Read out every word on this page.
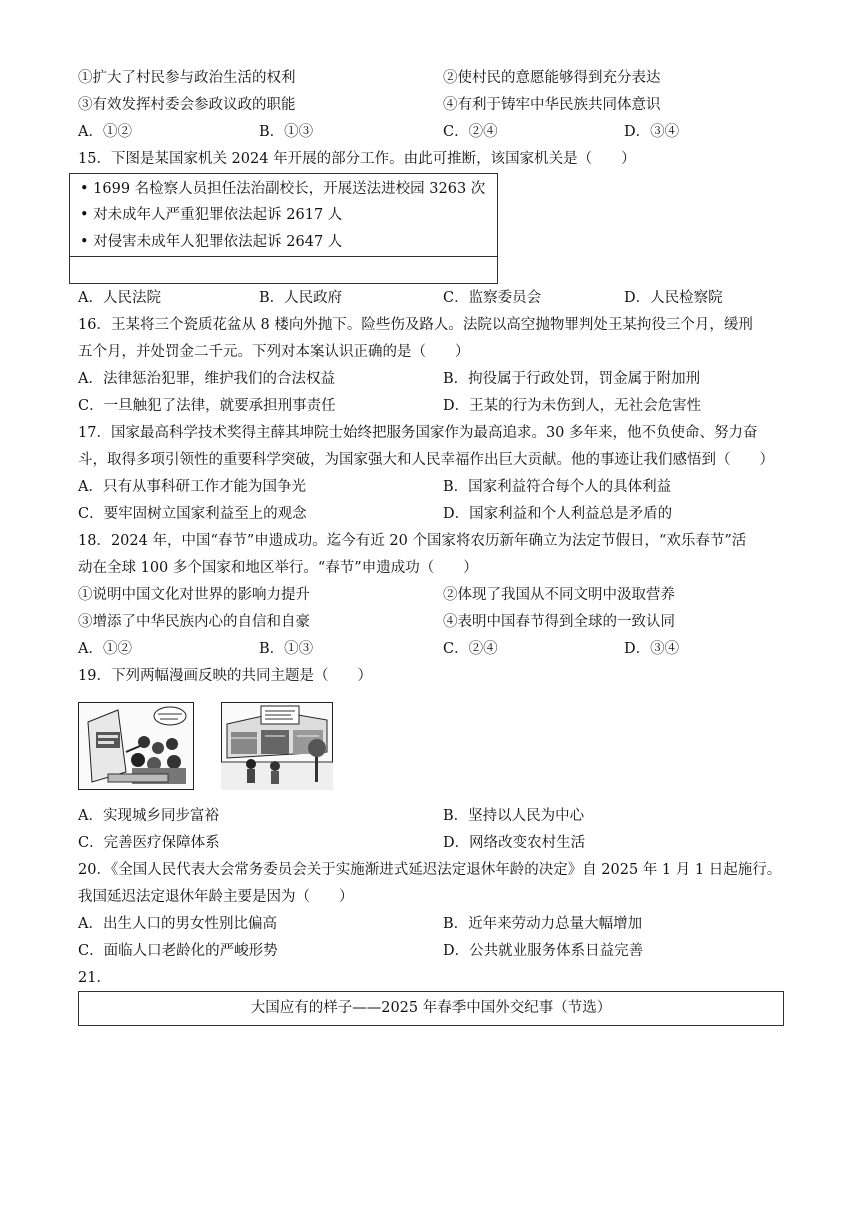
①扩大了村民参与政治生活的权利	②使村民的意愿能够得到充分表达
③有效发挥村委会参政议政的职能	④有利于铸牢中华民族共同体意识
A．①②	B．①③	C．②④	D．③④
15．下图是某国家机关 2024 年开展的部分工作。由此可推断，该国家机关是（　　）
• 1699 名检察人员担任法治副校长，开展送法进校园 3263 次
• 对未成年人严重犯罪依法起诉 2617 人
• 对侵害未成年人犯罪依法起诉 2647 人
A．人民法院	B．人民政府	C．监察委员会	D．人民检察院
16．王某将三个瓷质花盆从 8 楼向外抛下。险些伤及路人。法院以高空抛物罪判处王某拘役三个月，缓刑
五个月，并处罚金二千元。下列对本案认识正确的是（　　）
A．法律惩治犯罪，维护我们的合法权益	B．拘役属于行政处罚，罚金属于附加刑
C．一旦触犯了法律，就要承担刑事责任	D．王某的行为未伤到人，无社会危害性
17．国家最高科学技术奖得主薛其坤院士始终把服务国家作为最高追求。30 多年来，他不负使命、努力奋
斗，取得多项引领性的重要科学突破，为国家强大和人民幸福作出巨大贡献。他的事迹让我们感悟到（　　）
A．只有从事科研工作才能为国争光	B．国家利益符合每个人的具体利益
C．要牢固树立国家利益至上的观念	D．国家利益和个人利益总是矛盾的
18．2024 年，中国“春节”申遗成功。迄今有近 20 个国家将农历新年确立为法定节假日，“欢乐春节”活
动在全球 100 多个国家和地区举行。“春节”申遗成功（　　）
①说明中国文化对世界的影响力提升	②体现了我国从不同文明中汲取营养
③增添了中华民族内心的自信和自豪	④表明中国春节得到全球的一致认同
A．①②	B．①③	C．②④	D．③④
19．下列两幅漫画反映的共同主题是（　　）
A．实现城乡同步富裕	B．坚持以人民为中心
C．完善医疗保障体系	D．网络改变农村生活
20．《全国人民代表大会常务委员会关于实施渐进式延迟法定退休年龄的决定》自 2025 年 1 月 1 日起施行。
我国延迟法定退休年龄主要是因为（　　）
A．出生人口的男女性别比偏高	B．近年来劳动力总量大幅增加
C．面临人口老龄化的严峻形势	D．公共就业服务体系日益完善
21．
大国应有的样子——2025 年春季中国外交纪事（节选）
